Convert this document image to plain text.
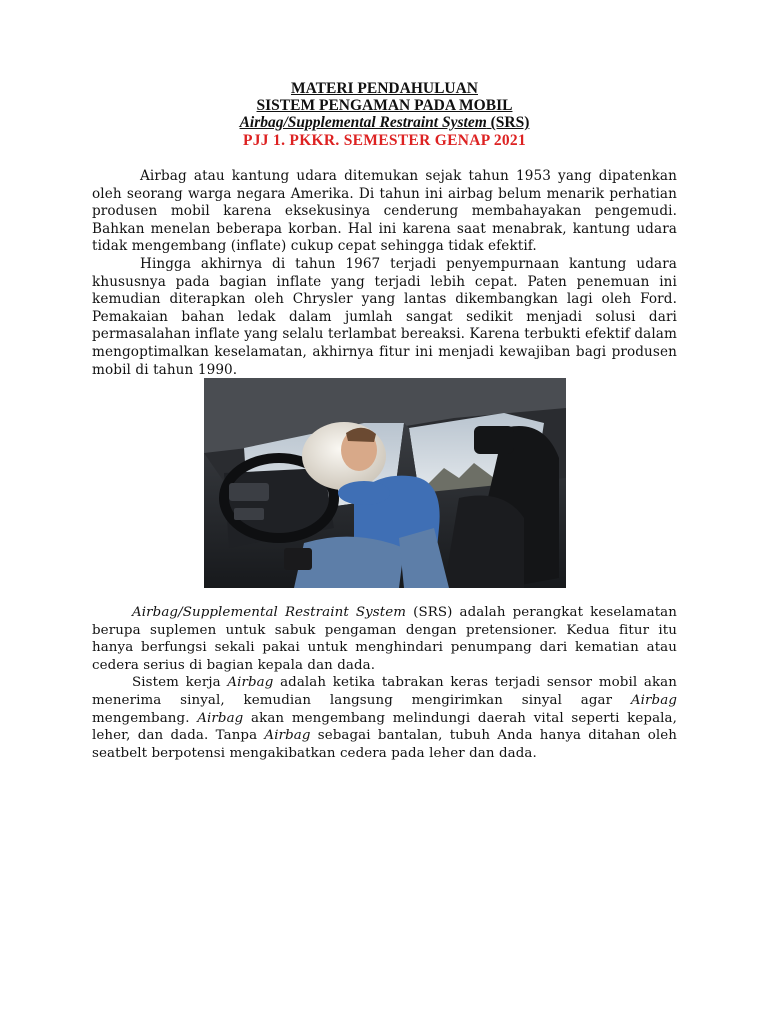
MATERI PENDAHULUAN
SISTEM PENGAMAN PADA MOBIL
Airbag/Supplemental Restraint System (SRS)
PJJ 1. PKKR. SEMESTER GENAP 2021

Airbag atau kantung udara ditemukan sejak tahun 1953 yang dipatenkan oleh seorang warga negara Amerika. Di tahun ini airbag belum menarik perhatian produsen mobil karena eksekusinya cenderung membahayakan pengemudi. Bahkan menelan beberapa korban. Hal ini karena saat menabrak, kantung udara tidak mengembang (inflate) cukup cepat sehingga tidak efektif.

Hingga akhirnya di tahun 1967 terjadi penyempurnaan kantung udara khususnya pada bagian inflate yang terjadi lebih cepat. Paten penemuan ini kemudian diterapkan oleh Chrysler yang lantas dikembangkan lagi oleh Ford. Pemakaian bahan ledak dalam jumlah sangat sedikit menjadi solusi dari permasalahan inflate yang selalu terlambat bereaksi. Karena terbukti efektif dalam mengoptimalkan keselamatan, akhirnya fitur ini menjadi kewajiban bagi produsen mobil di tahun 1990.

Airbag/Supplemental Restraint System (SRS) adalah perangkat keselamatan berupa suplemen untuk sabuk pengaman dengan pretensioner. Kedua fitur itu hanya berfungsi sekali pakai untuk menghindari penumpang dari kematian atau cedera serius di bagian kepala dan dada.

Sistem kerja Airbag adalah ketika tabrakan keras terjadi sensor mobil akan menerima sinyal, kemudian langsung mengirimkan sinyal agar Airbag mengembang. Airbag akan mengembang melindungi daerah vital seperti kepala, leher, dan dada. Tanpa Airbag sebagai bantalan, tubuh Anda hanya ditahan oleh seatbelt berpotensi mengakibatkan cedera pada leher dan dada.
